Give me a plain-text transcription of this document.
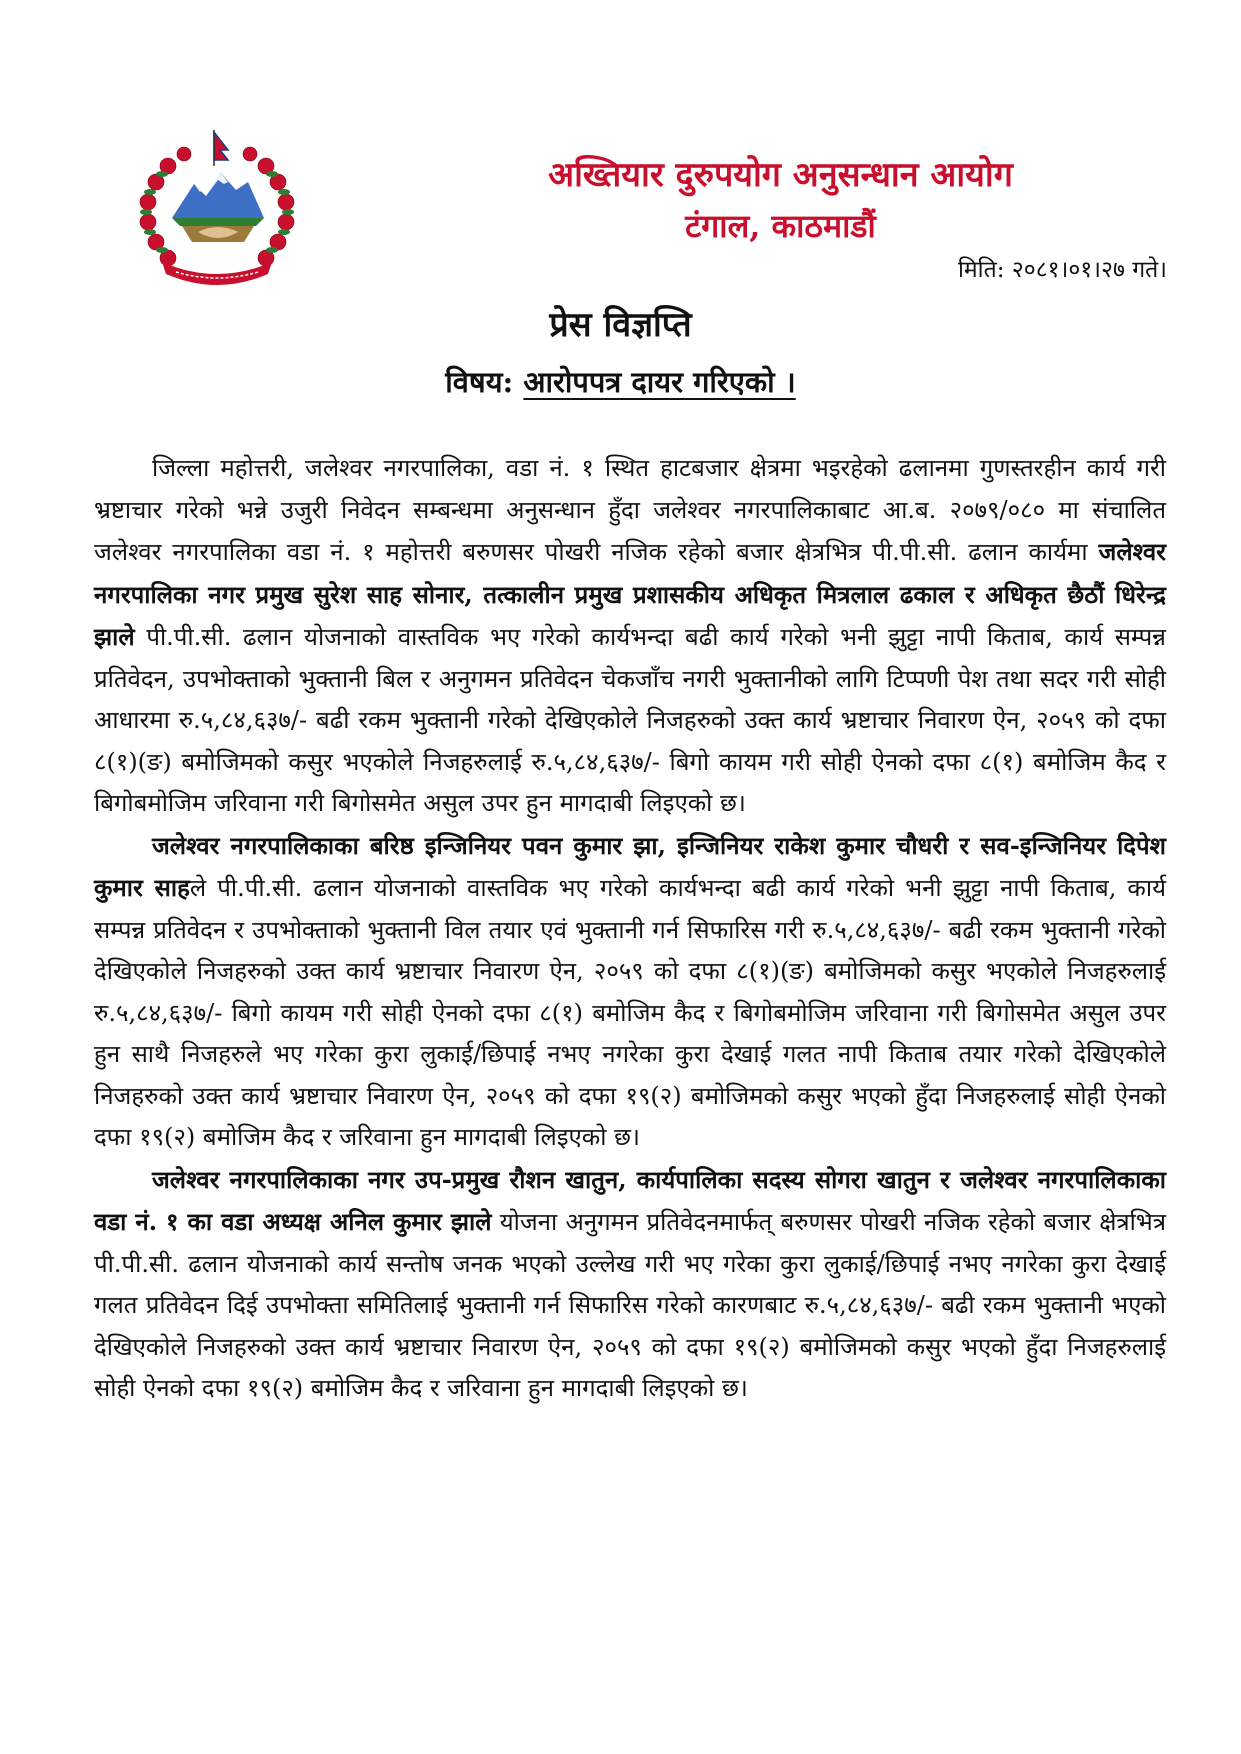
अख्तियार दुरुपयोग अनुसन्धान आयोग
टंगाल, काठमाडौं
मिति: २०८१।०१।२७ गते।
प्रेस विज्ञप्ति
विषय: आरोपपत्र दायर गरिएको ।

जिल्ला महोत्तरी, जलेश्वर नगरपालिका, वडा नं. १ स्थित हाटबजार क्षेत्रमा भइरहेको ढलानमा गुणस्तरहीन कार्य गरी भ्रष्टाचार गरेको भन्ने उजुरी निवेदन सम्बन्धमा अनुसन्धान हुँदा जलेश्वर नगरपालिकाबाट आ.ब. २०७९/०८० मा संचालित जलेश्वर नगरपालिका वडा नं. १ महोत्तरी बरुणसर पोखरी नजिक रहेको बजार क्षेत्रभित्र पी.पी.सी. ढलान कार्यमा जलेश्वर नगरपालिका नगर प्रमुख सुरेश साह सोनार, तत्कालीन प्रमुख प्रशासकीय अधिकृत मित्रलाल ढकाल र अधिकृत छैठौं धिरेन्द्र झाले पी.पी.सी. ढलान योजनाको वास्तविक भए गरेको कार्यभन्दा बढी कार्य गरेको भनी झुट्टा नापी किताब, कार्य सम्पन्न प्रतिवेदन, उपभोक्ताको भुक्तानी बिल र अनुगमन प्रतिवेदन चेकजाँच नगरी भुक्तानीको लागि टिप्पणी पेश तथा सदर गरी सोही आधारमा रु.५,८४,६३७/- बढी रकम भुक्तानी गरेको देखिएकोले निजहरुको उक्त कार्य भ्रष्टाचार निवारण ऐन, २०५९ को दफा ८(१)(ङ) बमोजिमको कसुर भएकोले निजहरुलाई रु.५,८४,६३७/- बिगो कायम गरी सोही ऐनको दफा ८(१) बमोजिम कैद र बिगोबमोजिम जरिवाना गरी बिगोसमेत असुल उपर हुन मागदाबी लिइएको छ।

जलेश्वर नगरपालिकाका बरिष्ठ इन्जिनियर पवन कुमार झा, इन्जिनियर राकेश कुमार चौधरी र सव-इन्जिनियर दिपेश कुमार साहले पी.पी.सी. ढलान योजनाको वास्तविक भए गरेको कार्यभन्दा बढी कार्य गरेको भनी झुट्टा नापी किताब, कार्य सम्पन्न प्रतिवेदन र उपभोक्ताको भुक्तानी विल तयार एवं भुक्तानी गर्न सिफारिस गरी रु.५,८४,६३७/- बढी रकम भुक्तानी गरेको देखिएकोले निजहरुको उक्त कार्य भ्रष्टाचार निवारण ऐन, २०५९ को दफा ८(१)(ङ) बमोजिमको कसुर भएकोले निजहरुलाई रु.५,८४,६३७/- बिगो कायम गरी सोही ऐनको दफा ८(१) बमोजिम कैद र बिगोबमोजिम जरिवाना गरी बिगोसमेत असुल उपर हुन साथै निजहरुले भए गरेका कुरा लुकाई/छिपाई नभए नगरेका कुरा देखाई गलत नापी किताब तयार गरेको देखिएकोले निजहरुको उक्त कार्य भ्रष्टाचार निवारण ऐन, २०५९ को दफा १९(२) बमोजिमको कसुर भएको हुँदा निजहरुलाई सोही ऐनको दफा १९(२) बमोजिम कैद र जरिवाना हुन मागदाबी लिइएको छ।

जलेश्वर नगरपालिकाका नगर उप-प्रमुख रौशन खातुन, कार्यपालिका सदस्य सोगरा खातुन र जलेश्वर नगरपालिकाका वडा नं. १ का वडा अध्यक्ष अनिल कुमार झाले योजना अनुगमन प्रतिवेदनमार्फत् बरुणसर पोखरी नजिक रहेको बजार क्षेत्रभित्र पी.पी.सी. ढलान योजनाको कार्य सन्तोष जनक भएको उल्लेख गरी भए गरेका कुरा लुकाई/छिपाई नभए नगरेका कुरा देखाई गलत प्रतिवेदन दिई उपभोक्ता समितिलाई भुक्तानी गर्न सिफारिस गरेको कारणबाट रु.५,८४,६३७/- बढी रकम भुक्तानी भएको देखिएकोले निजहरुको उक्त कार्य भ्रष्टाचार निवारण ऐन, २०५९ को दफा १९(२) बमोजिमको कसुर भएको हुँदा निजहरुलाई सोही ऐनको दफा १९(२) बमोजिम कैद र जरिवाना हुन मागदाबी लिइएको छ।
